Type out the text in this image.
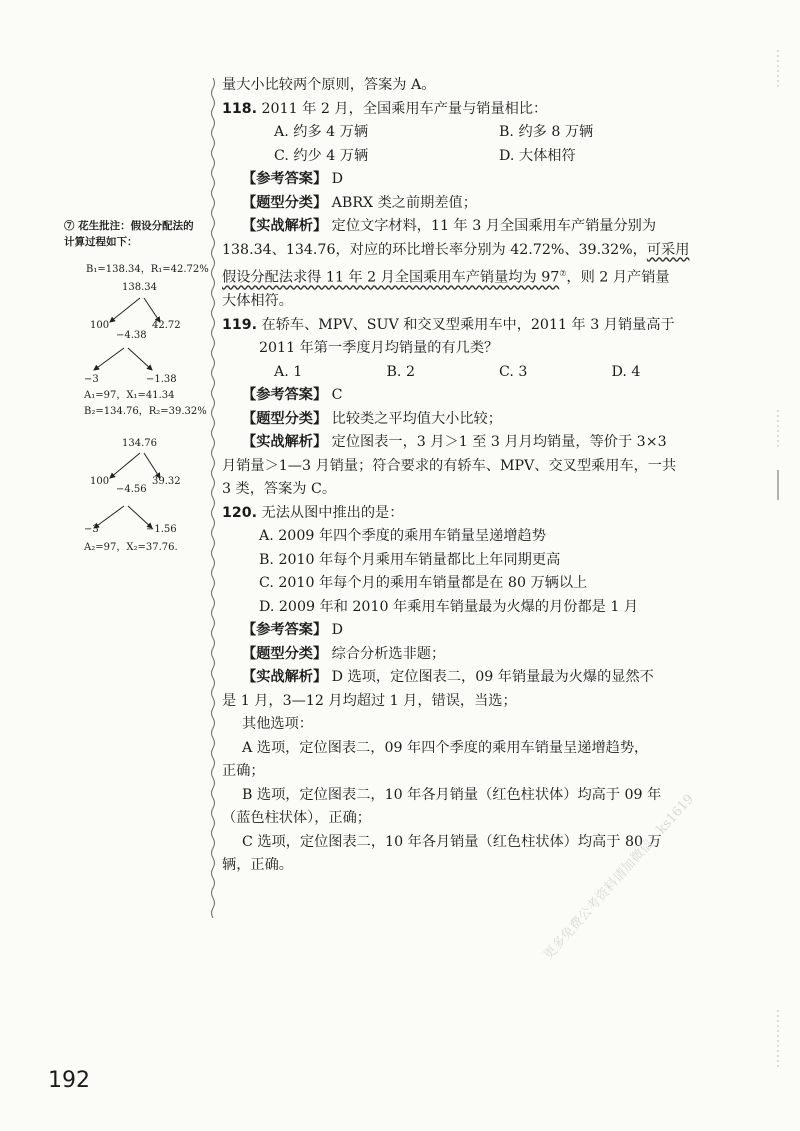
⑦ 花生批注：假设分配法的
计算过程如下：
B₁=138.34，R₁=42.72%
138.34
100	42.72
−4.38
−3	−1.38
A₁=97，X₁=41.34
B₂=134.76，R₂=39.32%
134.76
100	39.32
−4.56
−3	−1.56
A₂=97，X₂=37.76.

量大小比较两个原则，答案为 A。

118. 2011 年 2 月，全国乘用车产量与销量相比：

A. 约多 4 万辆	B. 约多 8 万辆
C. 约少 4 万辆	D. 大体相符

【参考答案】 D

【题型分类】 ABRX 类之前期差值；

【实战解析】 定位文字材料，11 年 3 月全国乘用车产销量分别为

138.34、134.76，对应的环比增长率分别为 42.72%、39.32%，可采用

假设分配法求得 11 年 2 月全国乘用车产销量均为 97⑦，则 2 月产销量

大体相符。

119. 在轿车、MPV、SUV 和交叉型乘用车中，2011 年 3 月销量高于

2011 年第一季度月均销量的有几类？

A. 1	B. 2	C. 3	D. 4

【参考答案】 C

【题型分类】 比较类之平均值大小比较；

【实战解析】 定位图表一，3 月＞1 至 3 月月均销量，等价于 3×3

月销量＞1—3 月销量；符合要求的有轿车、MPV、交叉型乘用车，一共

3 类，答案为 C。

120. 无法从图中推出的是：

A. 2009 年四个季度的乘用车销量呈递增趋势

B. 2010 年每个月乘用车销量都比上年同期更高

C. 2010 年每个月的乘用车销量都是在 80 万辆以上

D. 2009 年和 2010 年乘用车销量最为火爆的月份都是 1 月

【参考答案】 D

【题型分类】 综合分析选非题；

【实战解析】 D 选项，定位图表二，09 年销量最为火爆的显然不

是 1 月，3—12 月均超过 1 月，错误，当选；

其他选项：

A 选项，定位图表二，09 年四个季度的乘用车销量呈递增趋势，

正确；

B 选项，定位图表二，10 年各月销量（红色柱状体）均高于 09 年

（蓝色柱状体），正确；

C 选项，定位图表二，10 年各月销量（红色柱状体）均高于 80 万

辆，正确。

192
更多免费公考资料请加微信：ks1619
